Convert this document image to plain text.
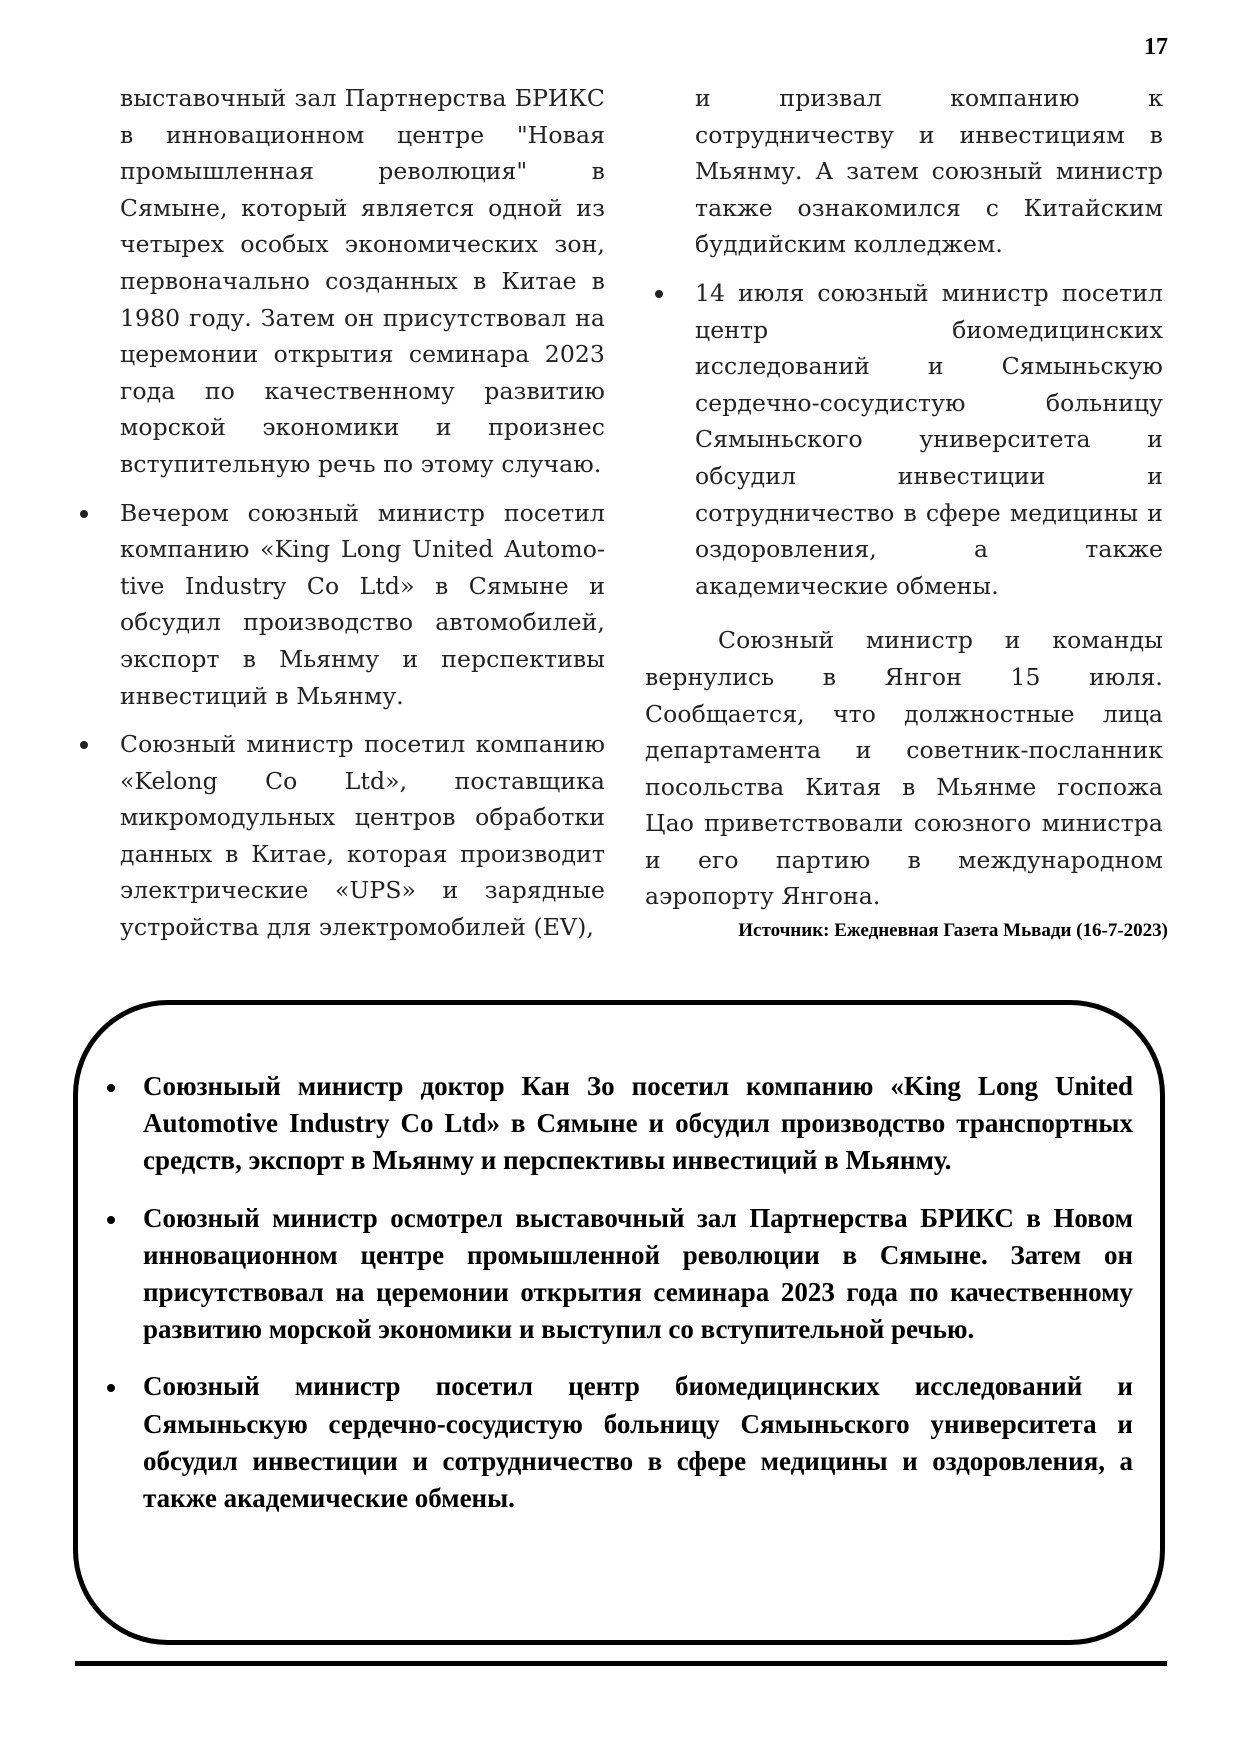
17

выставочный зал Партнерства БРИКС в инновационном центре "Новая промышленная революция" в Сямыне, который является одной из четырех особых экономических зон, первоначально созданных в Китае в 1980 году. Затем он присутствовал на церемонии открытия семинара 2023 года по качественному развитию морской экономики и произнес вступительную речь по этому случаю.

Вечером союзный министр посетил компанию «King Long United Automotive Industry Co Ltd» в Сямыне и обсудил производство автомобилей, экспорт в Мьянму и перспективы инвестиций в Мьянму.
Союзный министр посетил компанию «Kelong Co Ltd», поставщика микромодульных центров обработки данных в Китае, которая производит электрические «UPS» и зарядные устройства для электромобилей (EV),

и призвал компанию к сотрудничеству и инвестициям в Мьянму. А затем союзный министр также ознакомился с Китайским буддийским колледжем.

14 июля союзный министр посетил центр биомедицинских исследований и Сямыньскую сердечно-сосудистую больницу Сямыньского университета и обсудил инвестиции и сотрудничество в сфере медицины и оздоровления, а также академические обмены.

Союзный министр и команды вернулись в Янгон 15 июля. Сообщается, что должностные лица департамента и советник-посланник посольства Китая в Мьянме госпожа Цао приветствовали союзного министра и его партию в международном аэропорту Янгона.

Источник: Ежедневная Газета Мьвади (16-7-2023)
Союзныый министр доктор Кан Зо посетил компанию «King Long United Automotive Industry Co Ltd» в Сямыне и обсудил производство транспортных средств, экспорт в Мьянму и перспективы инвестиций в Мьянму.
Союзный министр осмотрел выставочный зал Партнерства БРИКС в Новом инновационном центре промышленной революции в Сямыне. Затем он присутствовал на церемонии открытия семинара 2023 года по качественному развитию морской экономики и выступил со вступительной речью.
Союзный министр посетил центр биомедицинских исследований и Сямыньскую сердечно-сосудистую больницу Сямыньского университета и обсудил инвестиции и сотрудничество в сфере медицины и оздоровления, а также академические обмены.
